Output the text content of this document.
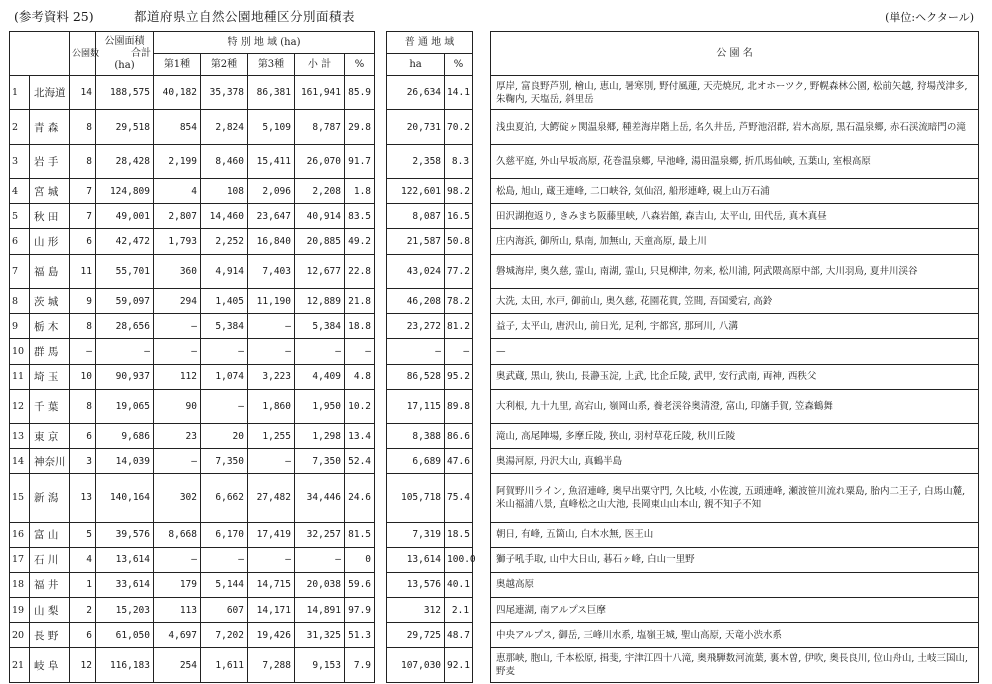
(参考資料 25)	都道府県立自然公園地種区分別面積表	(単位:ヘクタール)
		公園数	公園面積
合計
(ha)	特 別 地 域 (ha)						普 通 地 域			公 園 名
				第1種	第2種	第3種	小 計	%		ha	%		
1	北海道	14	188,575	40,182	35,378	86,381	161,941	85.9		26,634	14.1		厚岸, 富良野芦別, 檜山, 恵山, 暑寒別, 野付風蓮, 天売焼尻, 北オホーツク, 野幌森林公園, 松前矢越, 狩場茂津多, 朱鞠内, 天塩岳, 斜里岳
2	青 森	8	29,518	854	2,824	5,109	8,787	29.8		20,731	70.2		浅虫夏泊, 大鰐碇ヶ関温泉郷, 種差海岸階上岳, 名久井岳, 芦野池沼群, 岩木高原, 黒石温泉郷, 赤石渓流暗門の滝
3	岩 手	8	28,428	2,199	8,460	15,411	26,070	91.7		2,358	8.3		久慈平庭, 外山早坂高原, 花巻温泉郷, 早池峰, 湯田温泉郷, 折爪馬仙峡, 五葉山, 室根高原
4	宮 城	7	124,809	4	108	2,096	2,208	1.8		122,601	98.2		松島, 旭山, 蔵王連峰, 二口峡谷, 気仙沼, 船形連峰, 硯上山万石浦
5	秋 田	7	49,001	2,807	14,460	23,647	40,914	83.5		8,087	16.5		田沢湖抱返り, きみまち阪藤里峡, 八森岩館, 森吉山, 太平山, 田代岳, 真木真昼
6	山 形	6	42,472	1,793	2,252	16,840	20,885	49.2		21,587	50.8		庄内海浜, 御所山, 県南, 加無山, 天童高原, 最上川
7	福 島	11	55,701	360	4,914	7,403	12,677	22.8		43,024	77.2		磐城海岸, 奥久慈, 霊山, 南湖, 霊山, 只見柳津, 勿来, 松川浦, 阿武隈高原中部, 大川羽鳥, 夏井川渓谷
8	茨 城	9	59,097	294	1,405	11,190	12,889	21.8		46,208	78.2		大洗, 太田, 水戸, 御前山, 奥久慈, 花園花貫, 笠間, 吾国愛宕, 高鈴
9	栃 木	8	28,656	—	5,384	—	5,384	18.8		23,272	81.2		益子, 太平山, 唐沢山, 前日光, 足利, 宇都宮, 那珂川, 八溝
10	群 馬	—	—	—	—	—	—	—		—	—		—
11	埼 玉	10	90,937	112	1,074	3,223	4,409	4.8		86,528	95.2		奥武蔵, 黒山, 狭山, 長瀞玉淀, 上武, 比企丘陵, 武甲, 安行武南, 両神, 西秩父
12	千 葉	8	19,065	90	—	1,860	1,950	10.2		17,115	89.8		大利根, 九十九里, 高宕山, 嶺岡山系, 養老渓谷奥清澄, 富山, 印旛手賀, 笠森鶴舞
13	東 京	6	9,686	23	20	1,255	1,298	13.4		8,388	86.6		滝山, 高尾陣場, 多摩丘陵, 狭山, 羽村草花丘陵, 秋川丘陵
14	神奈川	3	14,039	—	7,350	—	7,350	52.4		6,689	47.6		奥湯河原, 丹沢大山, 真鶴半島
15	新 潟	13	140,164	302	6,662	27,482	34,446	24.6		105,718	75.4		阿賀野川ライン, 魚沼連峰, 奥早出粟守門, 久比岐, 小佐渡, 五頭連峰, 瀬波笹川流れ粟島, 胎内二王子, 白馬山麓, 米山福浦八景, 直峰松之山大池, 長岡東山山本山, 親不知子不知
16	富 山	5	39,576	8,668	6,170	17,419	32,257	81.5		7,319	18.5		朝日, 有峰, 五箇山, 白木水無, 医王山
17	石 川	4	13,614	—	—	—	—	0		13,614	100.0		獅子吼手取, 山中大日山, 碁石ヶ峰, 白山一里野
18	福 井	1	33,614	179	5,144	14,715	20,038	59.6		13,576	40.1		奥越高原
19	山 梨	2	15,203	113	607	14,171	14,891	97.9		312	2.1		四尾連湖, 南アルプス巨摩
20	長 野	6	61,050	4,697	7,202	19,426	31,325	51.3		29,725	48.7		中央アルプス, 御岳, 三峰川水系, 塩嶺王城, 聖山高原, 天竜小渋水系
21	岐 阜	12	116,183	254	1,611	7,288	9,153	7.9		107,030	92.1		恵那峡, 胞山, 千本松原, 揖斐, 宇津江四十八滝, 奥飛騨数河流葉, 裏木曽, 伊吹, 奥長良川, 位山舟山, 土岐三国山, 野麦
